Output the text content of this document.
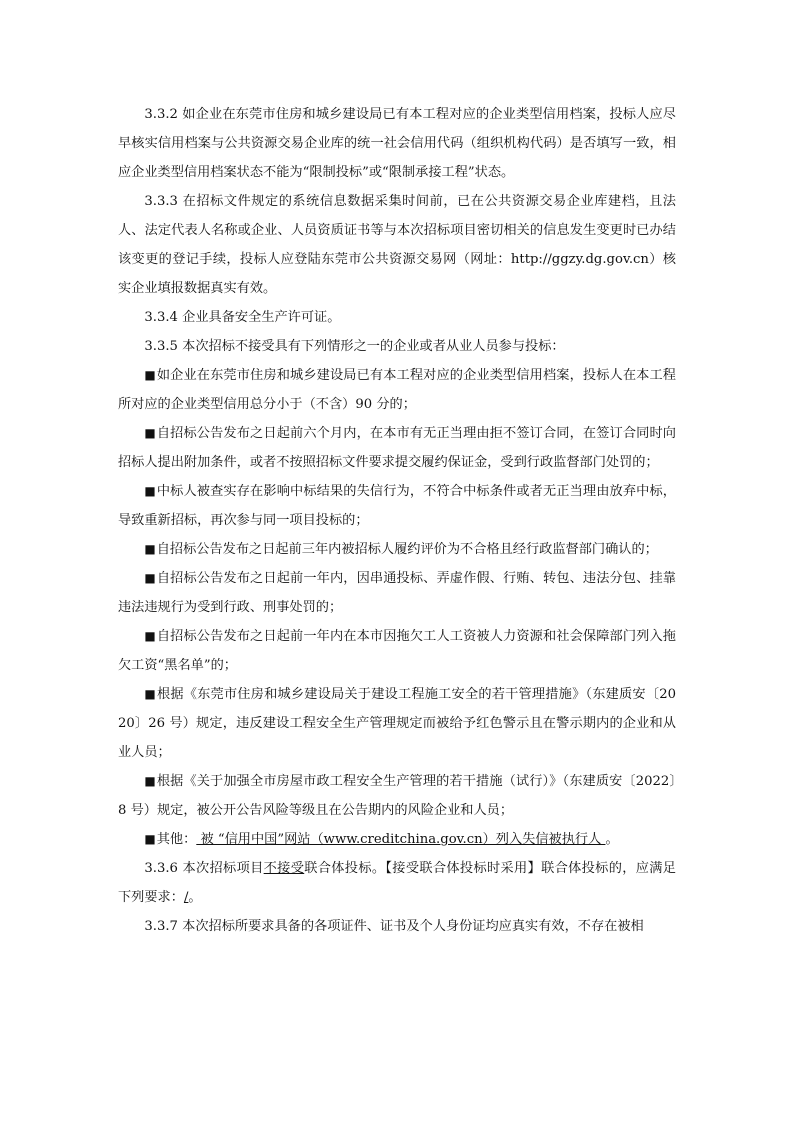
3.3.2 如企业在东莞市住房和城乡建设局已有本工程对应的企业类型信用档案，投标人应尽早核实信用档案与公共资源交易企业库的统一社会信用代码（组织机构代码）是否填写一致，相应企业类型信用档案状态不能为“限制投标”或“限制承接工程”状态。

3.3.3 在招标文件规定的系统信息数据采集时间前，已在公共资源交易企业库建档，且法人、法定代表人名称或企业、人员资质证书等与本次招标项目密切相关的信息发生变更时已办结该变更的登记手续，投标人应登陆东莞市公共资源交易网（网址：http://ggzy.dg.gov.cn）核实企业填报数据真实有效。

3.3.4 企业具备安全生产许可证。

3.3.5 本次招标不接受具有下列情形之一的企业或者从业人员参与投标：

■如企业在东莞市住房和城乡建设局已有本工程对应的企业类型信用档案，投标人在本工程所对应的企业类型信用总分小于（不含）90 分的；

■自招标公告发布之日起前六个月内，在本市有无正当理由拒不签订合同，在签订合同时向招标人提出附加条件，或者不按照招标文件要求提交履约保证金，受到行政监督部门处罚的；

■中标人被查实存在影响中标结果的失信行为，不符合中标条件或者无正当理由放弃中标，导致重新招标，再次参与同一项目投标的；

■自招标公告发布之日起前三年内被招标人履约评价为不合格且经行政监督部门确认的；

■自招标公告发布之日起前一年内，因串通投标、弄虚作假、行贿、转包、违法分包、挂靠违法违规行为受到行政、刑事处罚的；

■自招标公告发布之日起前一年内在本市因拖欠工人工资被人力资源和社会保障部门列入拖欠工资“黑名单”的；

■根据《东莞市住房和城乡建设局关于建设工程施工安全的若干管理措施》（东建质安〔2020〕26 号）规定，违反建设工程安全生产管理规定而被给予红色警示且在警示期内的企业和从业人员；

■根据《关于加强全市房屋市政工程安全生产管理的若干措施（试行）》（东建质安〔2022〕8 号）规定，被公开公告风险等级且在公告期内的风险企业和人员；

■其他： 被 “信用中国”网站（www.creditchina.gov.cn）列入失信被执行人 。

3.3.6 本次招标项目不接受联合体投标。【接受联合体投标时采用】联合体投标的，应满足下列要求：/。

3.3.7 本次招标所要求具备的各项证件、证书及个人身份证均应真实有效，不存在被相
